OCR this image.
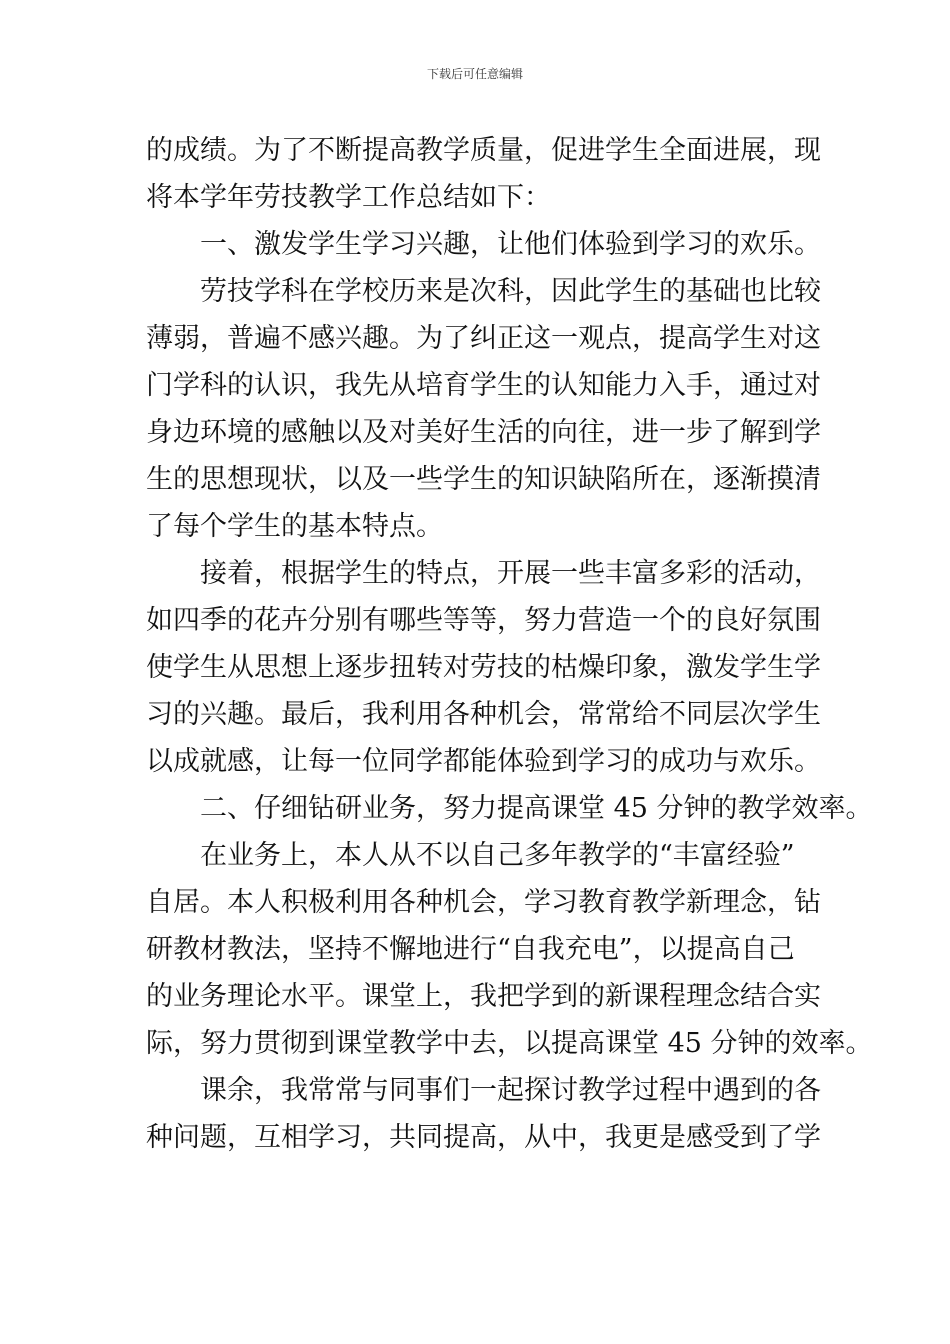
下载后可任意编辑
的成绩。为了不断提高教学质量，促进学生全面进展，现
将本学年劳技教学工作总结如下：
一、激发学生学习兴趣，让他们体验到学习的欢乐。
劳技学科在学校历来是次科，因此学生的基础也比较
薄弱，普遍不感兴趣。为了纠正这一观点，提高学生对这
门学科的认识，我先从培育学生的认知能力入手，通过对
身边环境的感触以及对美好生活的向往，进一步了解到学
生的思想现状，以及一些学生的知识缺陷所在，逐渐摸清
了每个学生的基本特点。
接着，根据学生的特点，开展一些丰富多彩的活动，
如四季的花卉分别有哪些等等，努力营造一个的良好氛围
使学生从思想上逐步扭转对劳技的枯燥印象，激发学生学
习的兴趣。最后，我利用各种机会，常常给不同层次学生
以成就感，让每一位同学都能体验到学习的成功与欢乐。
二、仔细钻研业务，努力提高课堂 45 分钟的教学效率。
在业务上，本人从不以自己多年教学的“丰富经验”
自居。本人积极利用各种机会，学习教育教学新理念，钻
研教材教法，坚持不懈地进行“自我充电”，以提高自己
的业务理论水平。课堂上，我把学到的新课程理念结合实
际，努力贯彻到课堂教学中去，以提高课堂 45 分钟的效率。
课余，我常常与同事们一起探讨教学过程中遇到的各
种问题，互相学习，共同提高，从中，我更是感受到了学
